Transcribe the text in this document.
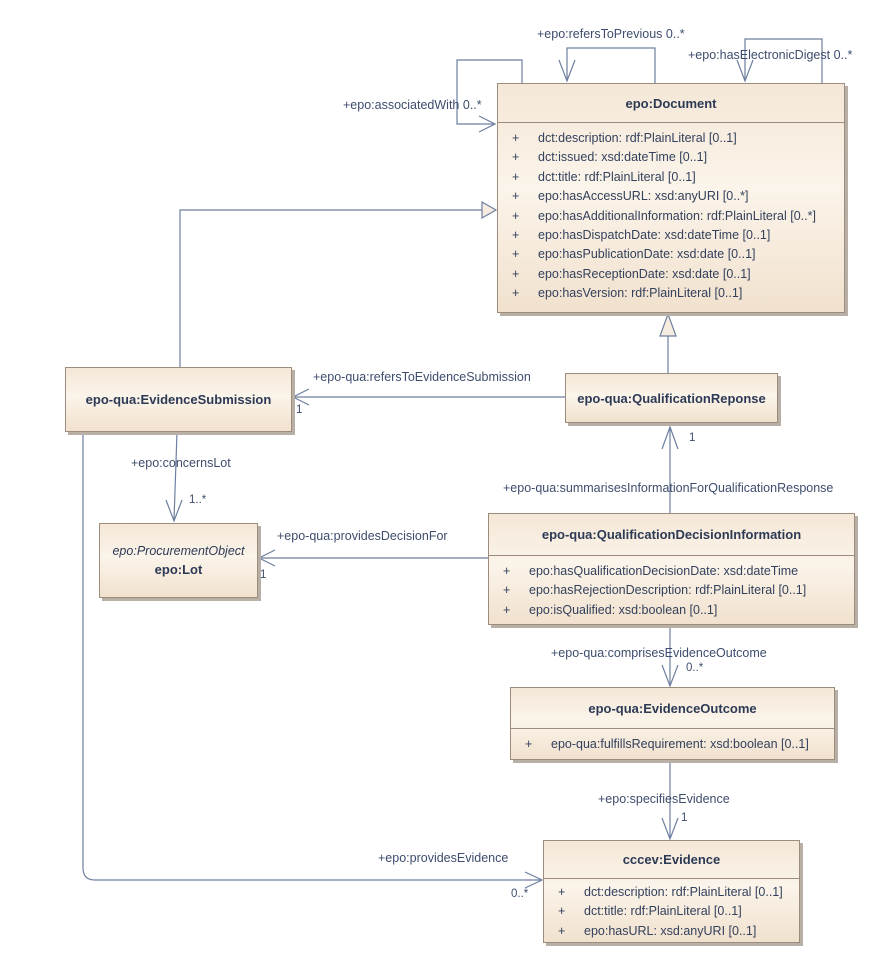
epo:Document
+	dct:description: rdf:PlainLiteral [0..1]
+	dct:issued: xsd:dateTime [0..1]
+	dct:title: rdf:PlainLiteral [0..1]
+	epo:hasAccessURL: xsd:anyURI [0..*]
+	epo:hasAdditionalInformation: rdf:PlainLiteral [0..*]
+	epo:hasDispatchDate: xsd:dateTime [0..1]
+	epo:hasPublicationDate: xsd:date [0..1]
+	epo:hasReceptionDate: xsd:date [0..1]
+	epo:hasVersion: rdf:PlainLiteral [0..1]
epo-qua:EvidenceSubmission	epo-qua:QualificationReponse
epo:ProcurementObject
epo:Lot
epo-qua:QualificationDecisionInformation
+	epo:hasQualificationDecisionDate: xsd:dateTime
+	epo:hasRejectionDescription: rdf:PlainLiteral [0..1]
+	epo:isQualified: xsd:boolean [0..1]
epo-qua:EvidenceOutcome
+	epo-qua:fulfillsRequirement: xsd:boolean [0..1]
cccev:Evidence
+	dct:description: rdf:PlainLiteral [0..1]
+	dct:title: rdf:PlainLiteral [0..1]
+	epo:hasURL: xsd:anyURI [0..1]
+epo:refersToPrevious 0..*
+epo:hasElectronicDigest 0..*
+epo:associatedWith 0..*
+epo-qua:refersToEvidenceSubmission
1
+epo-qua:summarisesInformationForQualificationResponse
1
+epo-qua:providesDecisionFor
1
+epo:concernsLot
1..*
+epo-qua:comprisesEvidenceOutcome
0..*
+epo:specifiesEvidence
1
+epo:providesEvidence
0..*
